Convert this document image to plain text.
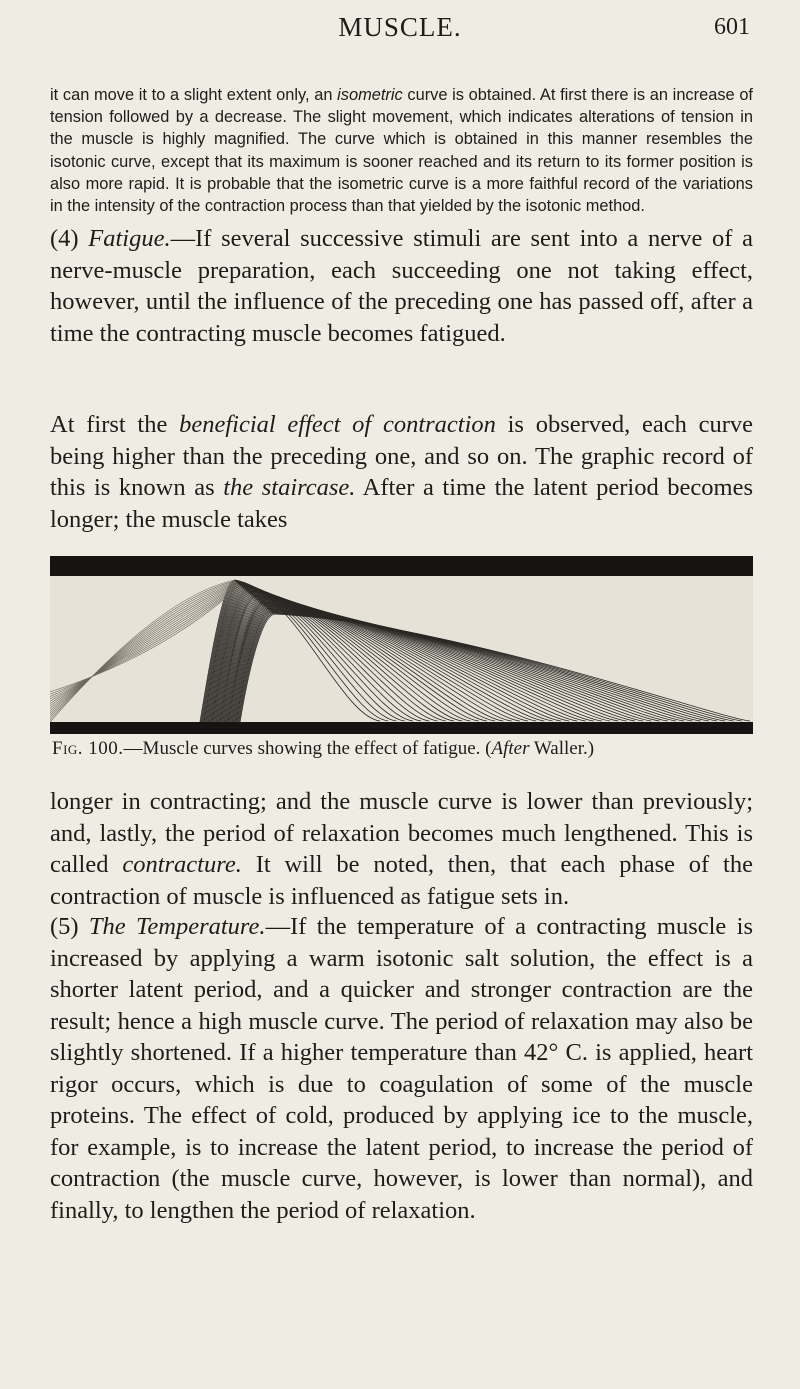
MUSCLE.	601

it can move it to a slight extent only, an isometric curve is obtained. At first there is an increase of tension followed by a decrease. The slight movement, which indicates alterations of tension in the muscle is highly magnified. The curve which is obtained in this manner resembles the isotonic curve, except that its maximum is sooner reached and its return to its former position is also more rapid. It is probable that the isometric curve is a more faithful record of the variations in the intensity of the contraction process than that yielded by the isotonic method.

(4) Fatigue.—If several successive stimuli are sent into a nerve of a nerve-muscle preparation, each succeeding one not taking effect, however, until the influence of the preceding one has passed off, after a time the contracting muscle becomes fatigued.

At first the beneficial effect of contraction is observed, each curve being higher than the preceding one, and so on. The graphic record of this is known as the staircase. After a time the latent period becomes longer; the muscle takes

Fig. 100.—Muscle curves showing the effect of fatigue. (After Waller.)

longer in contracting; and the muscle curve is lower than previously; and, lastly, the period of relaxation becomes much lengthened. This is called contracture. It will be noted, then, that each phase of the contraction of muscle is influenced as fatigue sets in.

(5) The Temperature.—If the temperature of a contracting muscle is increased by applying a warm isotonic salt solution, the effect is a shorter latent period, and a quicker and stronger contraction are the result; hence a high muscle curve. The period of relaxation may also be slightly shortened. If a higher temperature than 42° C. is applied, heart rigor occurs, which is due to coagulation of some of the muscle proteins. The effect of cold, produced by applying ice to the muscle, for example, is to increase the latent period, to increase the period of contraction (the muscle curve, however, is lower than normal), and finally, to lengthen the period of relaxation.
